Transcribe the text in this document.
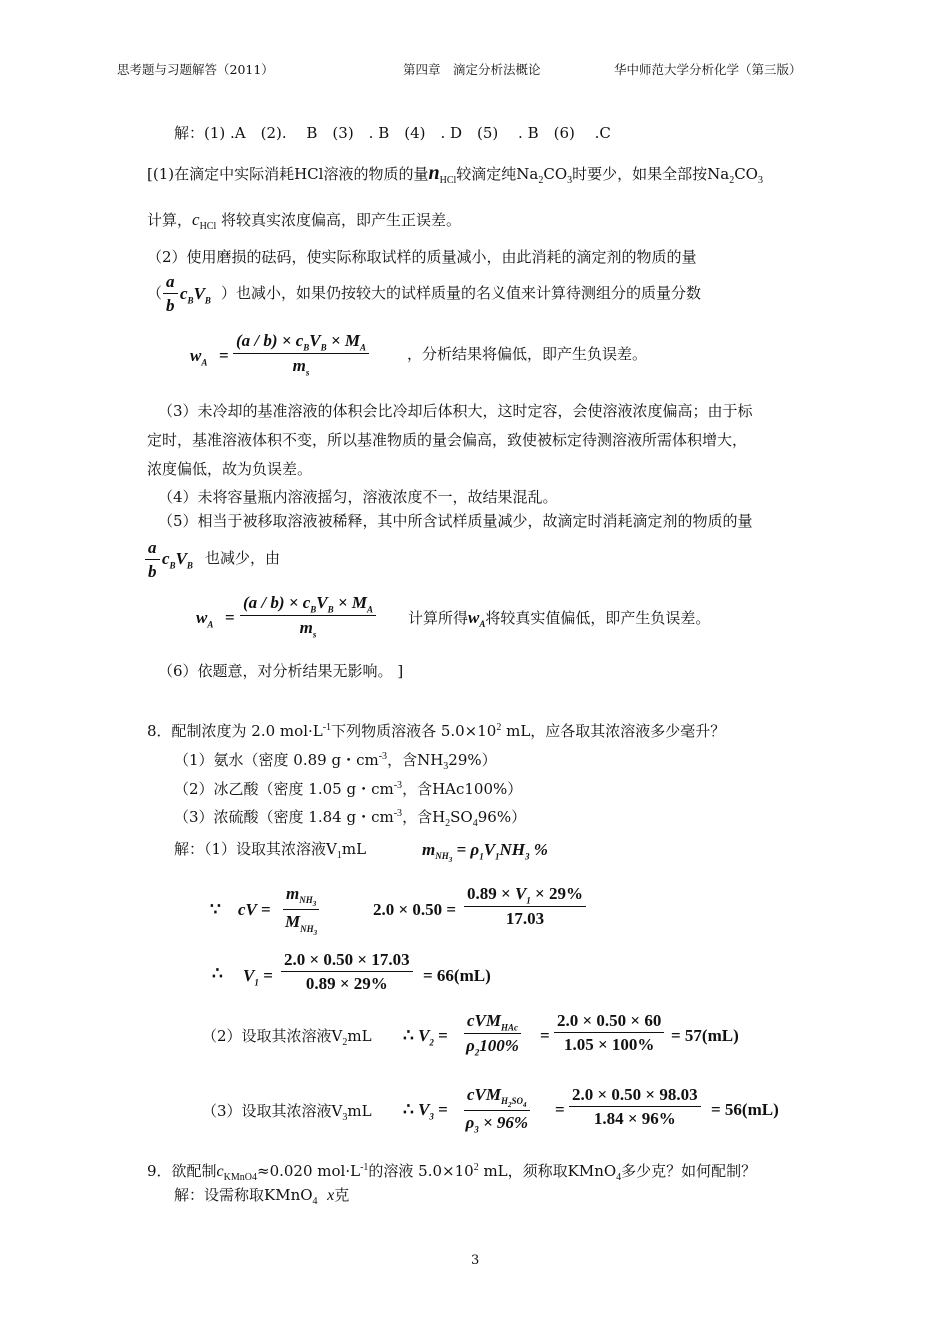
思考题与习题解答（2011）	第四章　滴定分析法概论	华中师范大学分析化学（第三版）
解：(1) .A　(2).　 B　(3)　. B　(4)　. D　(5)　 . B　(6)　 .C
[(1)在滴定中实际消耗HCl溶液的物质的量$n_{HCl}$较滴定纯$Na_2CO_3$时要少，如果全部按$Na_2CO_3$
计算，$c_{HCl}$ 将较真实浓度偏高，即产生正误差。
（2）使用磨损的砝码，使实际称取试样的质量减小，由此消耗的滴定剂的物质的量
（ $\frac{a}{b} c_BV_B$ ）也减小，如果仍按较大的试样质量的名义值来计算待测组分的质量分数
$w_A$ =
$(a / b) \times c_BV_B \times M_A$
$m_s$
，分析结果将偏低，即产生负误差。
（3）未冷却的基准溶液的体积会比冷却后体积大，这时定容，会使溶液浓度偏高；由于标
定时，基准溶液体积不变，所以基准物质的量会偏高，致使被标定待测溶液所需体积增大，
浓度偏低，故为负误差。
（4）未将容量瓶内溶液摇匀，溶液浓度不一，故结果混乱。
（5）相当于被移取溶液被稀释，其中所含试样质量减少，故滴定时消耗滴定剂的物质的量
$\frac{a}{b} c_BV_B$ 也减少，由
$w_A$ =
$(a / b) \times c_BV_B \times M_A$
$m_s$
计算所得$w_A$将较真实值偏低，即产生负误差。
（6）依题意，对分析结果无影响。 ]
8．配制浓度为 2.0 $mol\cdot L^{-1}$下列物质溶液各 $5.0\times 10^2$ mL，应各取其浓溶液多少毫升？
（1）氨水（密度 0.89 g・$cm^{-3}$，含$NH_329\%$）
（2）冰乙酸（密度 1.05 g・$cm^{-3}$，含HAc100%）
（3）浓硫酸（密度 1.84 g・$cm^{-3}$，含$H_2SO_496\%$）
解：（1）设取其浓溶液$V_1mL$	$m_{NH_3} = \rho_1V_1NH_3$ %
∵ cV =
$m_{NH_3}$
$M_{NH_3}$
$2.0 \times 0.50 = \frac{0.89 \times V_1 \times 29\%}{17.03}$
∴ $V_1 = \frac{2.0 \times 0.50 \times 17.03}{0.89 \times 29\%} = 66(mL)$
（2）设取其浓溶液$V_2mL$ ∴ $V_2$ =
cVM$_{HAc}$
$\rho_2100\%$
= $\frac{2.0 \times 0.50 \times 60}{1.05 \times 100\%} = 57(mL)$
（3）设取其浓溶液$V_3mL$ ∴ $V_3$ =
cVM$_{H_2SO_4}$
$\rho_3 \times 96\%$
= $\frac{2.0 \times 0.50 \times 98.03}{1.84 \times 96\%} = 56(mL)$
9．欲配制$c_{KMnO4}\approx 0.020$ $mol\cdot L^{-1}$的溶液 $5.0\times 10^2$ mL，须称取KMnO$_4$多少克？如何配制？
解：设需称取KMnO$_4$ x克
3
